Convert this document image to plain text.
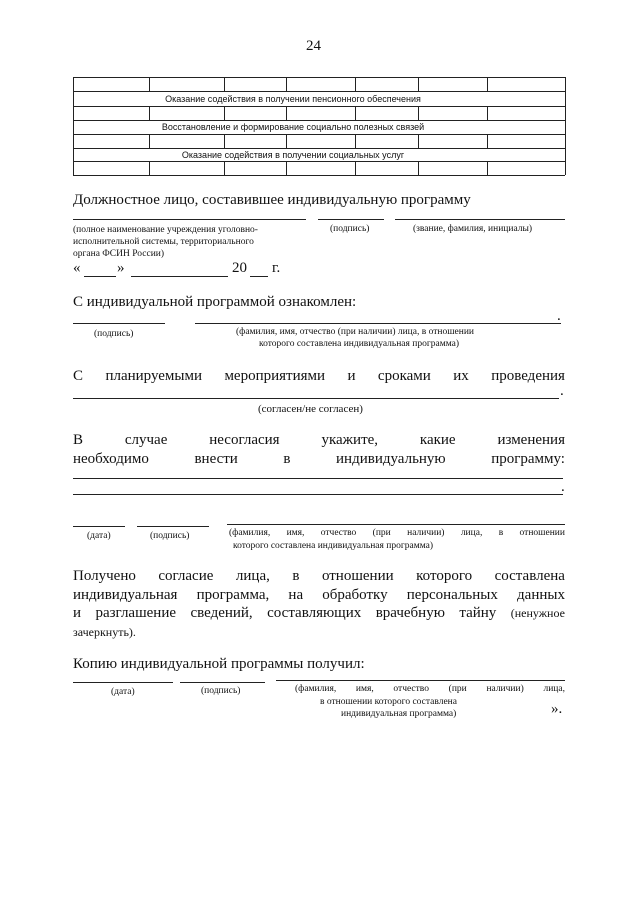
24
Оказание содействия в получении пенсионного обеспечения
Восстановление и формирование социально полезных связей
Оказание содействия в получении социальных услуг
Должностное лицо, составившее индивидуальную программу
(полное наименование учреждения уголовно-
исполнительной системы, территориального
органа ФСИН России)
(подпись)	(звание, фамилия, инициалы)
« »	20 г.
С индивидуальной программой ознакомлен:
.
(подпись)	(фамилия, имя, отчество (при наличии) лица, в отношении
которого составлена индивидуальная программа)
С планируемыми мероприятиями и сроками их проведения
.
(согласен/не согласен)
В	случае	несогласия	укажите,	какие	изменения
необходимо	внести	в	индивидуальную	программу:
.
(дата)	(подпись)	(фамилия, имя, отчество (при наличии) лица, в отношении
которого составлена индивидуальная программа)
Получено согласие лица, в отношении которого составлена
индивидуальная программа, на обработку персональных данных
и разглашение сведений, составляющих врачебную тайну (ненужное
зачеркнуть).
Копию индивидуальной программы получил:
(дата)	(подпись)	(фамилия, имя, отчество (при наличии) лица,
в отношении которого составлена
индивидуальная программа)	».
